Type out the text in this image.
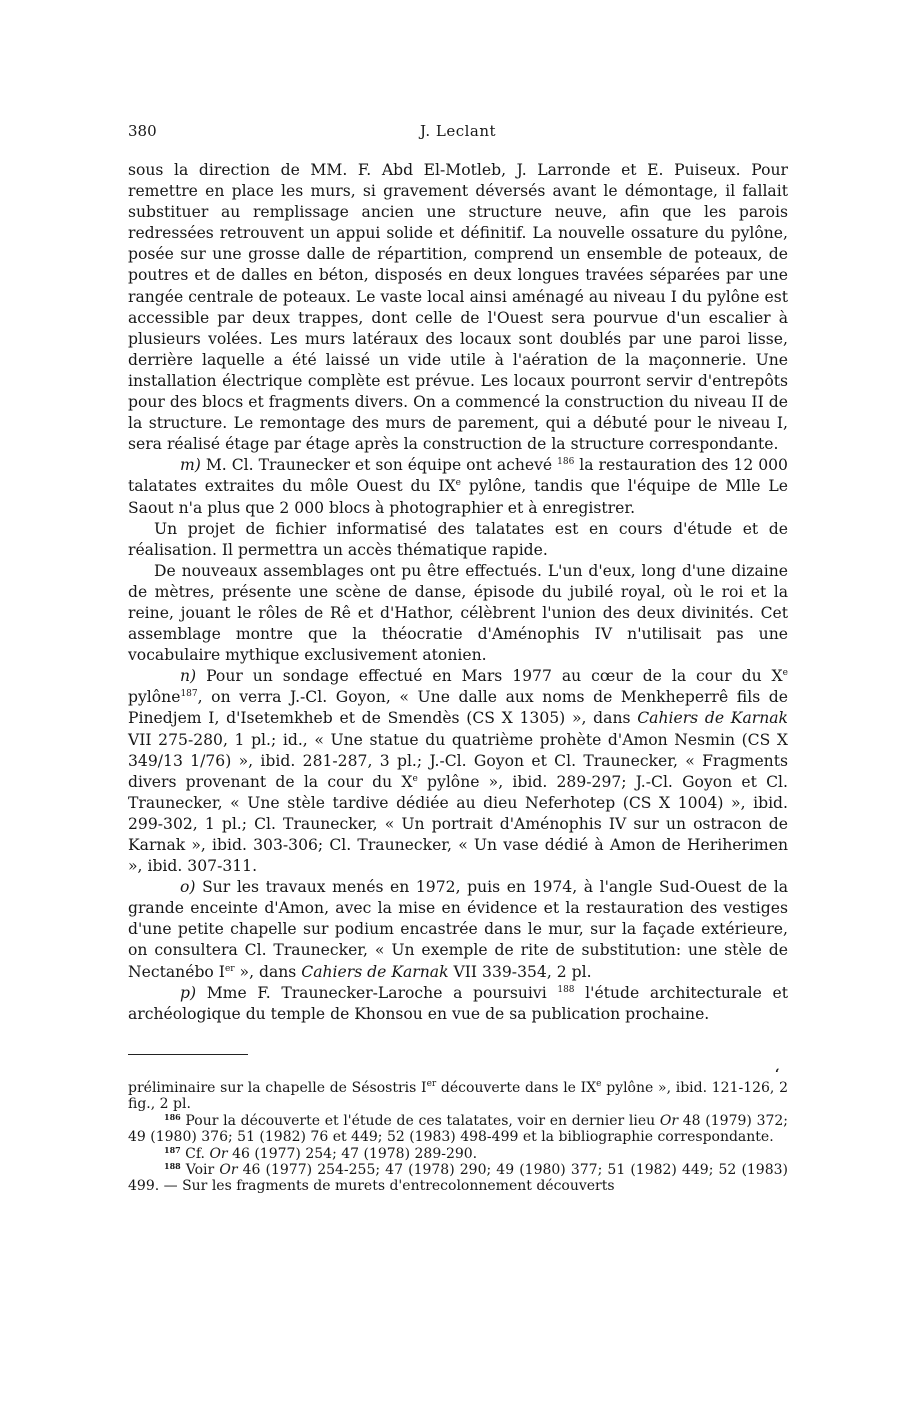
380	J. Leclant

sous la direction de MM. F. Abd El-Motleb, J. Larronde et E. Puiseux. Pour remettre en place les murs, si gravement déversés avant le démontage, il fallait substituer au remplissage ancien une structure neuve, afin que les parois redressées retrouvent un appui solide et définitif. La nouvelle ossature du pylône, posée sur une grosse dalle de répartition, comprend un ensemble de poteaux, de poutres et de dalles en béton, disposés en deux longues travées séparées par une rangée centrale de poteaux. Le vaste local ainsi aménagé au niveau I du pylône est accessible par deux trappes, dont celle de l'Ouest sera pourvue d'un escalier à plusieurs volées. Les murs latéraux des locaux sont doublés par une paroi lisse, derrière laquelle a été laissé un vide utile à l'aération de la maçonnerie. Une installation électrique complète est prévue. Les locaux pourront servir d'entrepôts pour des blocs et fragments divers. On a commencé la construction du niveau II de la structure. Le remontage des murs de parement, qui a débuté pour le niveau I, sera réalisé étage par étage après la construction de la structure correspondante.

m) M. Cl. Traunecker et son équipe ont achevé $^{186}$ la restauration des 12 000 talatates extraites du môle Ouest du IXe pylône, tandis que l'équipe de Mlle Le Saout n'a plus que 2 000 blocs à photographier et à enregistrer.

Un projet de fichier informatisé des talatates est en cours d'étude et de réalisation. Il permettra un accès thématique rapide.

De nouveaux assemblages ont pu être effectués. L'un d'eux, long d'une dizaine de mètres, présente une scène de danse, épisode du jubilé royal, où le roi et la reine, jouant le rôles de Rê et d'Hathor, célèbrent l'union des deux divinités. Cet assemblage montre que la théocratie d'Aménophis IV n'utilisait pas une vocabulaire mythique exclusivement atonien.

n) Pour un sondage effectué en Mars 1977 au cœur de la cour du Xe pylône$^{187}$, on verra J.-Cl. Goyon, « Une dalle aux noms de Menkheperrê fils de Pinedjem I, d'Isetemkheb et de Smendès (CS X 1305) », dans Cahiers de Karnak VII 275-280, 1 pl.; id., « Une statue du quatrième prohète d'Amon Nesmin (CS X 349/13 1/76) », ibid. 281-287, 3 pl.; J.-Cl. Goyon et Cl. Traunecker, « Fragments divers provenant de la cour du Xe pylône », ibid. 289-297; J.-Cl. Goyon et Cl. Traunecker, « Une stèle tardive dédiée au dieu Neferhotep (CS X 1004) », ibid. 299-302, 1 pl.; Cl. Traunecker, « Un portrait d'Aménophis IV sur un ostracon de Karnak », ibid. 303-306; Cl. Traunecker, « Un vase dédié à Amon de Heriherimen », ibid. 307-311.

o) Sur les travaux menés en 1972, puis en 1974, à l'angle Sud-Ouest de la grande enceinte d'Amon, avec la mise en évidence et la restauration des vestiges d'une petite chapelle sur podium encastrée dans le mur, sur la façade extérieure, on consultera Cl. Traunecker, « Un exemple de rite de substitution: une stèle de Nectanébo Ier », dans Cahiers de Karnak VII 339-354, 2 pl.

p) Mme F. Traunecker-Laroche a poursuivi $^{188}$ l'étude architecturale et archéologique du temple de Khonsou en vue de sa publication prochaine.

‘

préliminaire sur la chapelle de Sésostris Ier découverte dans le IXe pylône », ibid. 121-126, 2 fig., 2 pl.

$^{186}$ Pour la découverte et l'étude de ces talatates, voir en dernier lieu Or 48 (1979) 372; 49 (1980) 376; 51 (1982) 76 et 449; 52 (1983) 498-499 et la bibliographie correspondante.

$^{187}$ Cf. Or 46 (1977) 254; 47 (1978) 289-290.

$^{188}$ Voir Or 46 (1977) 254-255; 47 (1978) 290; 49 (1980) 377; 51 (1982) 449; 52 (1983) 499. — Sur les fragments de murets d'entrecolonnement découverts
